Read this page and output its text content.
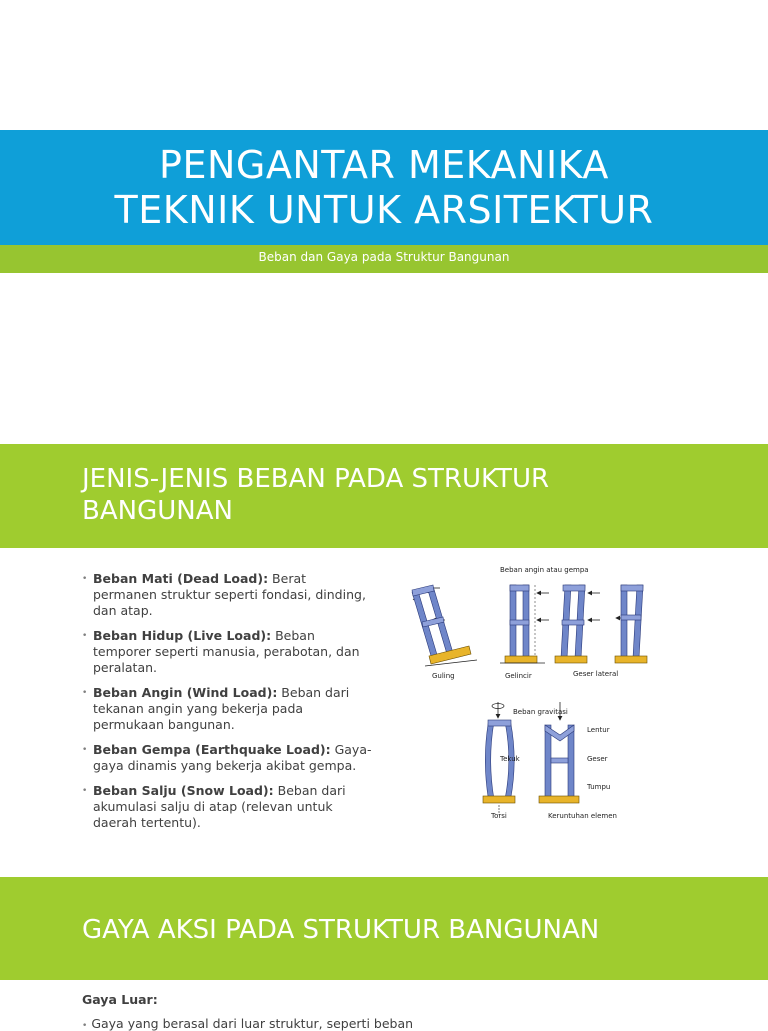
PENGANTAR MEKANIKA
TEKNIK UNTUK ARSITEKTUR
Beban dan Gaya pada Struktur Bangunan
JENIS-JENIS BEBAN PADA STRUKTUR
BANGUNAN
• Beban Mati (Dead Load): Berat permanen struktur seperti fondasi, dinding, dan atap.
• Beban Hidup (Live Load): Beban temporer seperti manusia, perabotan, dan peralatan.
• Beban Angin (Wind Load): Beban dari tekanan angin yang bekerja pada permukaan bangunan.
• Beban Gempa (Earthquake Load): Gaya-gaya dinamis yang bekerja akibat gempa.
• Beban Salju (Snow Load): Beban dari akumulasi salju di atap (relevan untuk daerah tertentu).
Beban angin atau gempa
Guling	Gelincir	Geser lateral
Beban gravitasi
Tekuk
Torsi
Lentur
Geser
Tumpu
Keruntuhan elemen
GAYA AKSI PADA STRUKTUR BANGUNAN
Gaya Luar:
• Gaya yang berasal dari luar struktur, seperti beban
